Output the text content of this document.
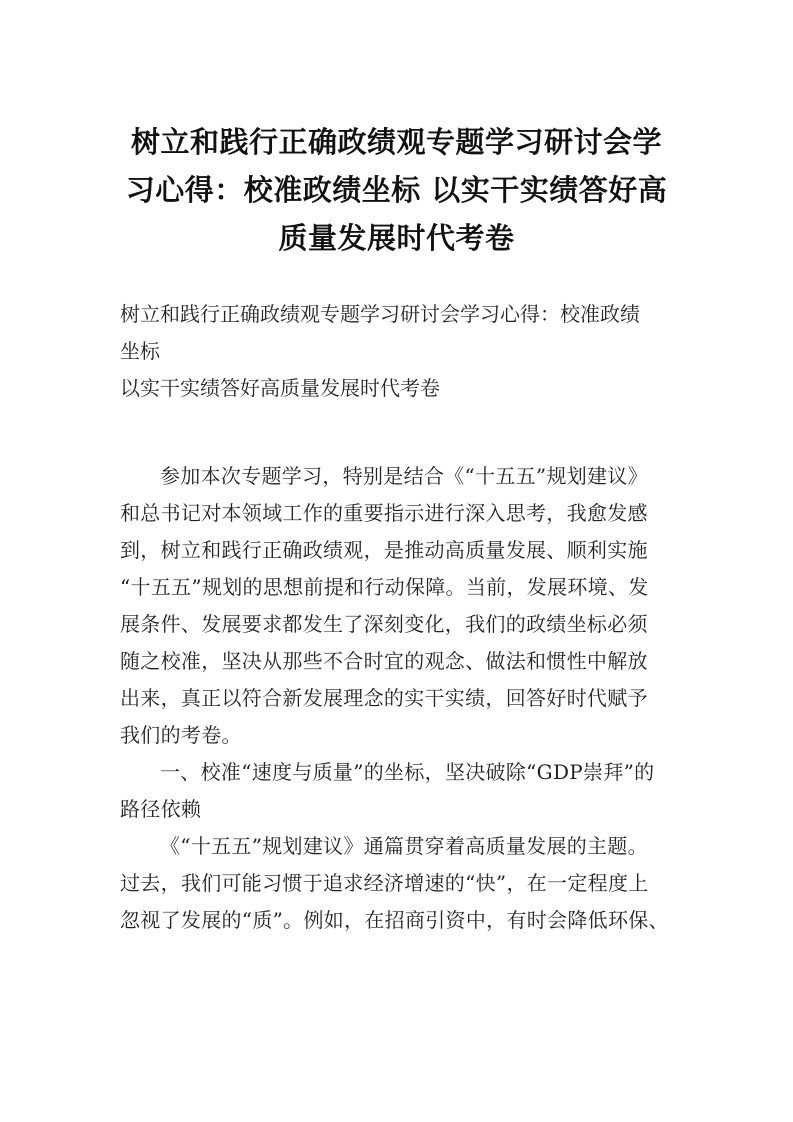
树立和践行正确政绩观专题学习研讨会学
习心得：校准政绩坐标 以实干实绩答好高
质量发展时代考卷
树立和践行正确政绩观专题学习研讨会学习心得：校准政绩
坐标
以实干实绩答好高质量发展时代考卷

参加本次专题学习，特别是结合《“十五五”规划建议》
和总书记对本领域工作的重要指示进行深入思考，我愈发感
到，树立和践行正确政绩观，是推动高质量发展、顺利实施
“十五五”规划的思想前提和行动保障。当前，发展环境、发
展条件、发展要求都发生了深刻变化，我们的政绩坐标必须
随之校准，坚决从那些不合时宜的观念、做法和惯性中解放
出来，真正以符合新发展理念的实干实绩，回答好时代赋予
我们的考卷。

一、校准“速度与质量”的坐标，坚决破除“GDP崇拜”的
路径依赖

《“十五五”规划建议》通篇贯穿着高质量发展的主题。
过去，我们可能习惯于追求经济增速的“快”，在一定程度上
忽视了发展的“质”。例如，在招商引资中，有时会降低环保、
